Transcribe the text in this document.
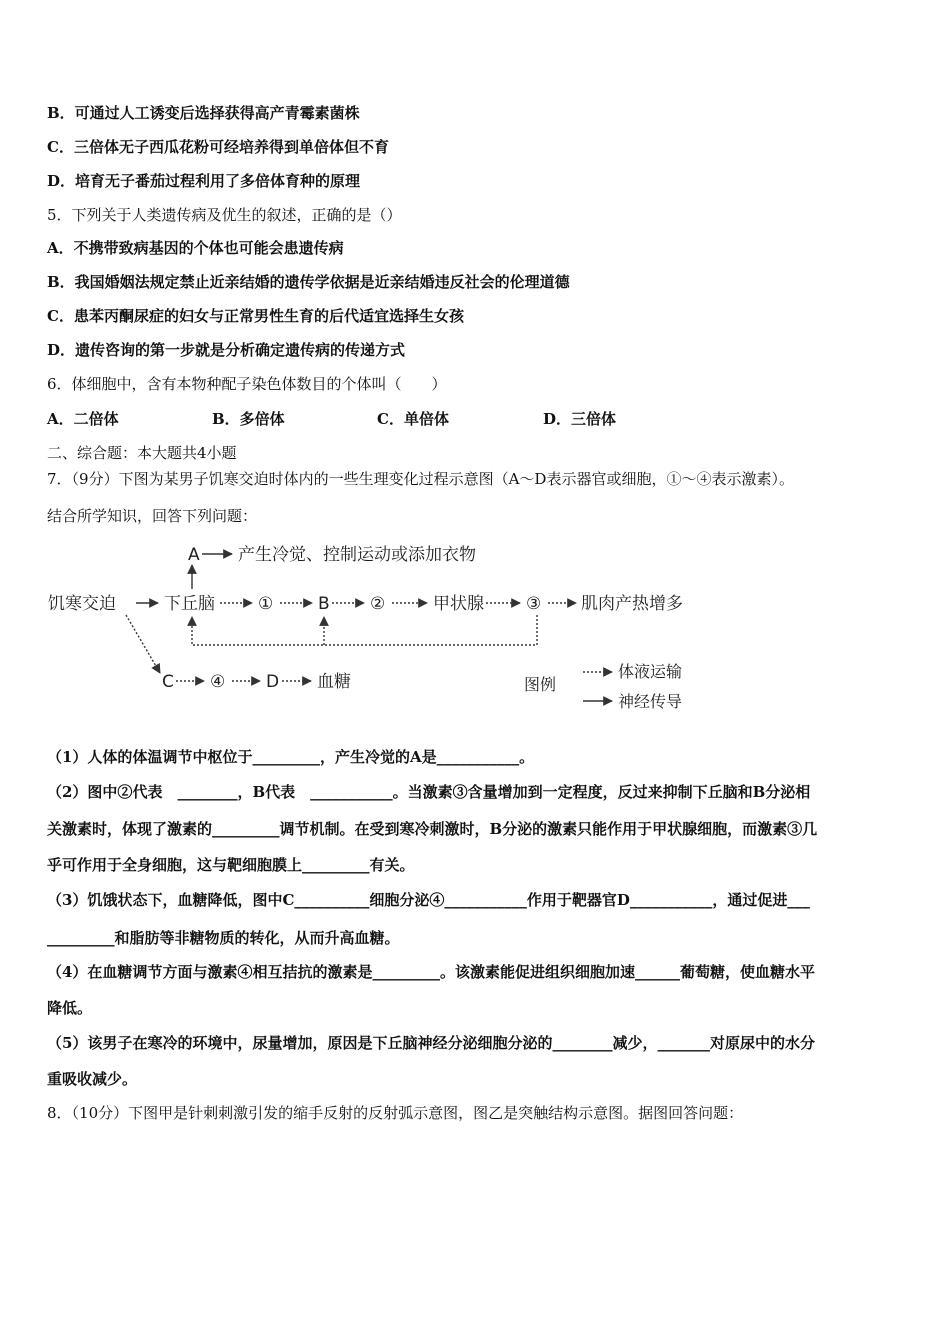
B．可通过人工诱变后选择获得高产青霉素菌株
C．三倍体无子西瓜花粉可经培养得到单倍体但不育
D．培育无子番茄过程利用了多倍体育种的原理
5．下列关于人类遗传病及优生的叙述，正确的是（）
A．不携带致病基因的个体也可能会患遗传病
B．我国婚姻法规定禁止近亲结婚的遗传学依据是近亲结婚违反社会的伦理道德
C．患苯丙酮尿症的妇女与正常男性生育的后代适宜选择生女孩
D．遗传咨询的第一步就是分析确定遗传病的传递方式
6．体细胞中，含有本物种配子染色体数目的个体叫（　　）
A．二倍体	B．多倍体	C．单倍体	D．三倍体
二、综合题：本大题共4小题
7．（9分）下图为某男子饥寒交迫时体内的一些生理变化过程示意图（A～D表示器官或细胞，①～④表示激素）。
结合所学知识，回答下列问题：
A 产生冷觉、控制运动或添加衣物
饥寒交迫	下丘脑	①	B ②	甲状腺 ③ 肌肉产热增多
C ④ D 血糖	图例
体液运输
神经传导
（1）人体的体温调节中枢位于_________，产生冷觉的A是___________。
（2）图中②代表　________，B代表　___________。当激素③含量增加到一定程度，反过来抑制下丘脑和B分泌相
关激素时，体现了激素的_________调节机制。在受到寒冷刺激时，B分泌的激素只能作用于甲状腺细胞，而激素③几
乎可作用于全身细胞，这与靶细胞膜上_________有关。
（3）饥饿状态下，血糖降低，图中C__________细胞分泌④___________作用于靶器官D___________，通过促进___
_________和脂肪等非糖物质的转化，从而升高血糖。
（4）在血糖调节方面与激素④相互拮抗的激素是_________。该激素能促进组织细胞加速______葡萄糖，使血糖水平
降低。
（5）该男子在寒冷的环境中，尿量增加，原因是下丘脑神经分泌细胞分泌的________减少，_______对原尿中的水分
重吸收减少。
8．（10分）下图甲是针刺刺激引发的缩手反射的反射弧示意图，图乙是突触结构示意图。据图回答问题：
